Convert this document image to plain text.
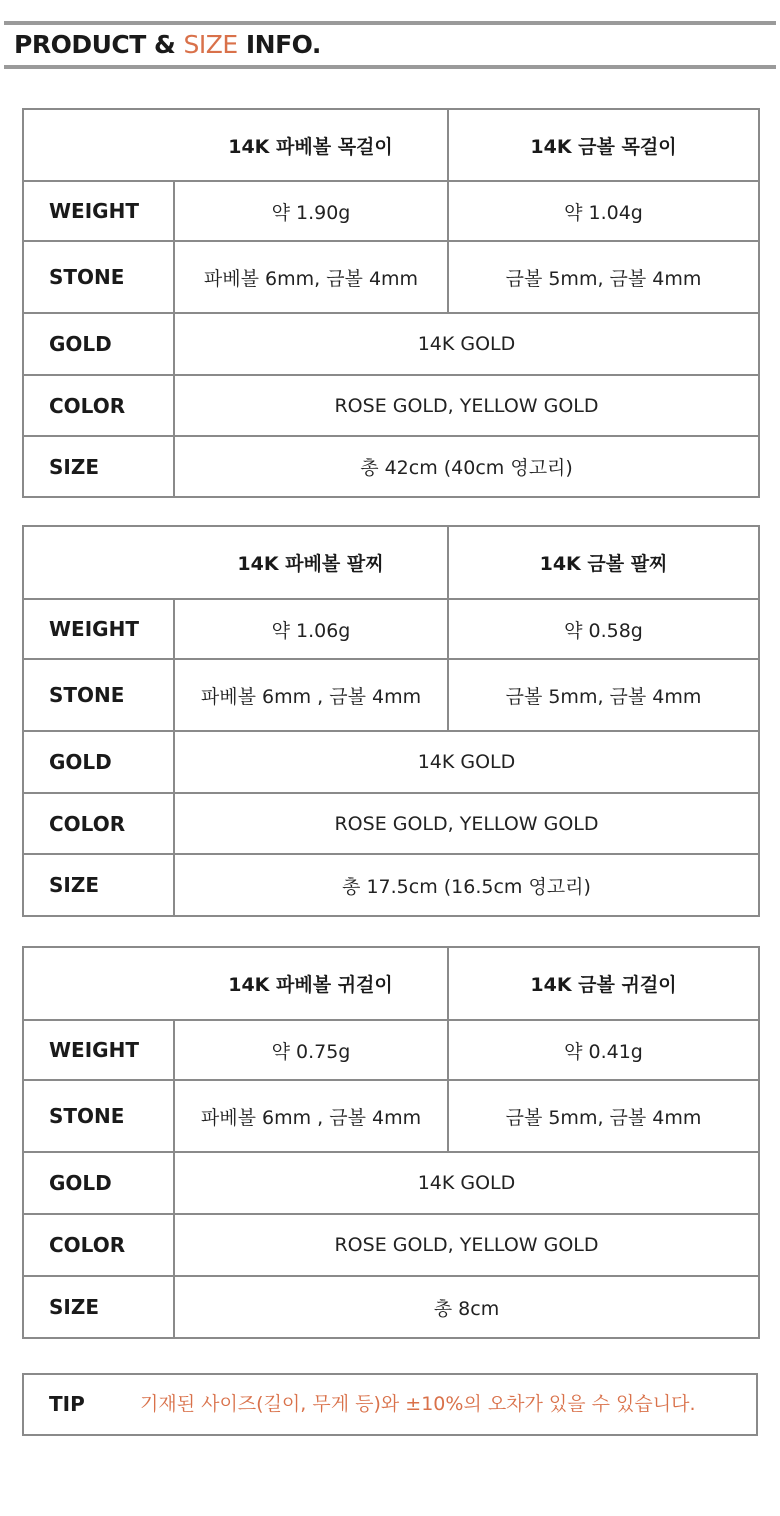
PRODUCT & SIZE INFO.
	14K 파베볼 목걸이	14K 금볼 목걸이
WEIGHT	약 1.90g	약 1.04g
STONE	파베볼 6mm, 금볼 4mm	금볼 5mm, 금볼 4mm
GOLD	14K GOLD	
COLOR	ROSE GOLD, YELLOW GOLD	
SIZE	총 42cm (40cm 영고리)	
	14K 파베볼 팔찌	14K 금볼 팔찌
WEIGHT	약 1.06g	약 0.58g
STONE	파베볼 6mm , 금볼 4mm	금볼 5mm, 금볼 4mm
GOLD	14K GOLD	
COLOR	ROSE GOLD, YELLOW GOLD	
SIZE	총 17.5cm (16.5cm 영고리)	
	14K 파베볼 귀걸이	14K 금볼 귀걸이
WEIGHT	약 0.75g	약 0.41g
STONE	파베볼 6mm , 금볼 4mm	금볼 5mm, 금볼 4mm
GOLD	14K GOLD	
COLOR	ROSE GOLD, YELLOW GOLD	
SIZE	총 8cm	
TIP	기재된 사이즈(길이, 무게 등)와 ±10%의 오차가 있을 수 있습니다.
